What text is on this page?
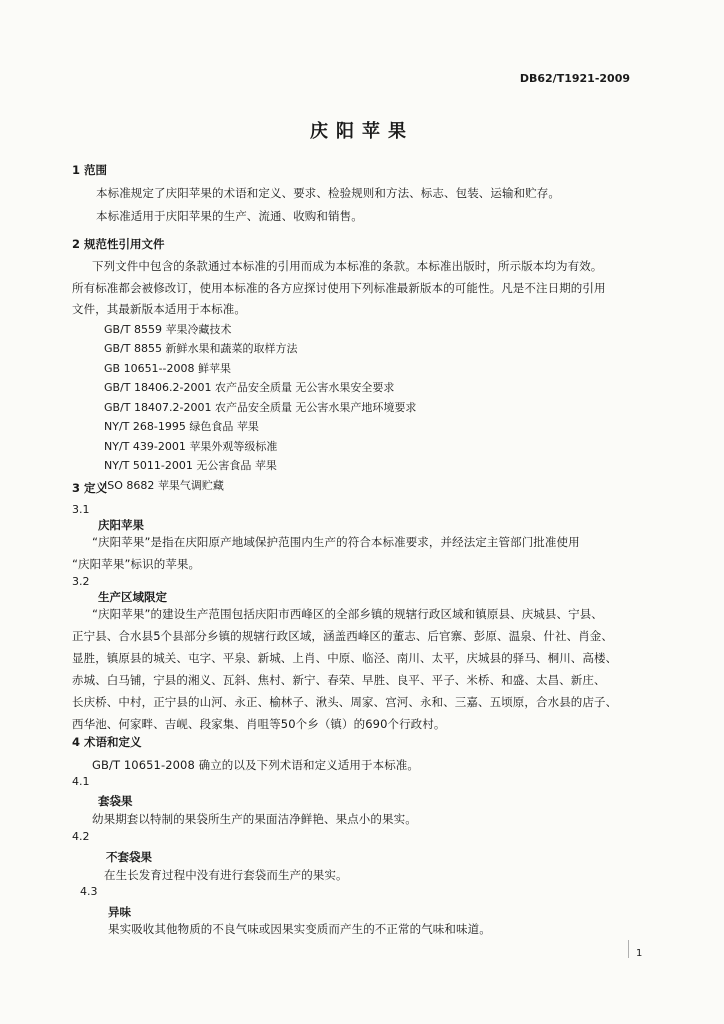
DB62/T1921-2009
庆阳苹果
1 范围
本标准规定了庆阳苹果的术语和定义、要求、检验规则和方法、标志、包装、运输和贮存。
本标准适用于庆阳苹果的生产、流通、收购和销售。
2 规范性引用文件
下列文件中包含的条款通过本标准的引用而成为本标准的条款。本标准出版时，所示版本均为有效。
所有标准都会被修改订，使用本标准的各方应探讨使用下列标准最新版本的可能性。凡是不注日期的引用
文件，其最新版本适用于本标准。
GB/T 8559 苹果冷藏技术
GB/T 8855 新鲜水果和蔬菜的取样方法
GB 10651--2008 鲜苹果
GB/T 18406.2-2001 农产品安全质量 无公害水果安全要求
GB/T 18407.2-2001 农产品安全质量 无公害水果产地环境要求
NY/T 268-1995 绿色食品 苹果
NY/T 439-2001 苹果外观等级标准
NY/T 5011-2001 无公害食品 苹果
ISO 8682 苹果气调贮藏
3 定义
3.1
庆阳苹果
“庆阳苹果”是指在庆阳原产地域保护范围内生产的符合本标准要求，并经法定主管部门批准使用
“庆阳苹果”标识的苹果。
3.2
生产区域限定
“庆阳苹果”的建设生产范围包括庆阳市西峰区的全部乡镇的规辖行政区域和镇原县、庆城县、宁县、
正宁县、合水县5个县部分乡镇的规辖行政区域，涵盖西峰区的董志、后官寨、彭原、温泉、什社、肖金、
显胜，镇原县的城关、屯字、平泉、新城、上肖、中原、临泾、南川、太平，庆城县的驿马、桐川、高楼、
赤城、白马铺，宁县的湘义、瓦斜、焦村、新宁、春荣、早胜、良平、平子、米桥、和盛、太昌、新庄、
长庆桥、中村，正宁县的山河、永正、榆林子、湫头、周家、宫河、永和、三嘉、五顷原，合水县的店子、
西华池、何家畔、吉岘、段家集、肖咀等50个乡（镇）的690个行政村。
4 术语和定义
GB/T 10651-2008 确立的以及下列术语和定义适用于本标准。
4.1
套袋果
幼果期套以特制的果袋所生产的果面洁净鲜艳、果点小的果实。
4.2
不套袋果
在生长发育过程中没有进行套袋而生产的果实。
4.3
异味
果实吸收其他物质的不良气味或因果实变质而产生的不正常的气味和味道。
1
